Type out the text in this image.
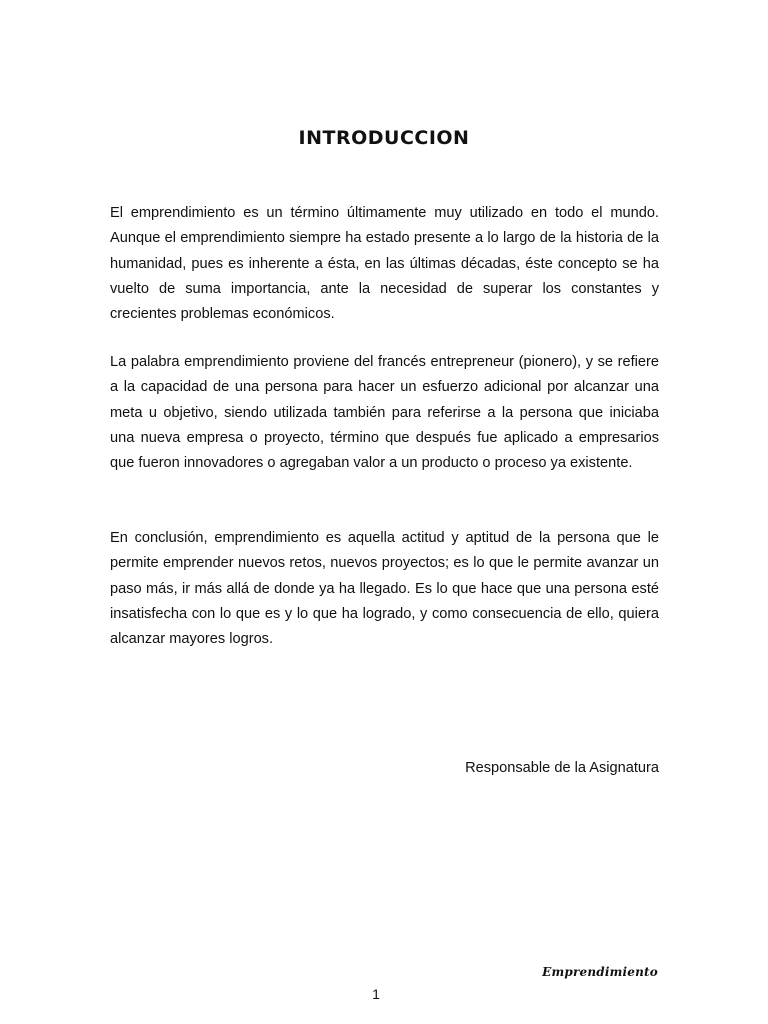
INTRODUCCION

El emprendimiento es un término últimamente muy utilizado en todo el mundo. Aunque el emprendimiento siempre ha estado presente a lo largo de la historia de la humanidad, pues es inherente a ésta, en las últimas décadas, éste concepto se ha vuelto de suma importancia, ante la necesidad de superar los constantes y crecientes problemas económicos.

La palabra emprendimiento proviene del francés entrepreneur (pionero), y se refiere a la capacidad de una persona para hacer un esfuerzo adicional por alcanzar una meta u objetivo, siendo utilizada también para referirse a la persona que iniciaba una nueva empresa o proyecto, término que después fue aplicado a empresarios que fueron innovadores o agregaban valor a un producto o proceso ya existente.

En conclusión, emprendimiento es aquella actitud y aptitud de la persona que le permite emprender nuevos retos, nuevos proyectos; es lo que le permite avanzar un paso más, ir más allá de donde ya ha llegado. Es lo que hace que una persona esté insatisfecha con lo que es y lo que ha logrado, y como consecuencia de ello, quiera alcanzar mayores logros.

Responsable de la Asignatura

Emprendimiento

1
